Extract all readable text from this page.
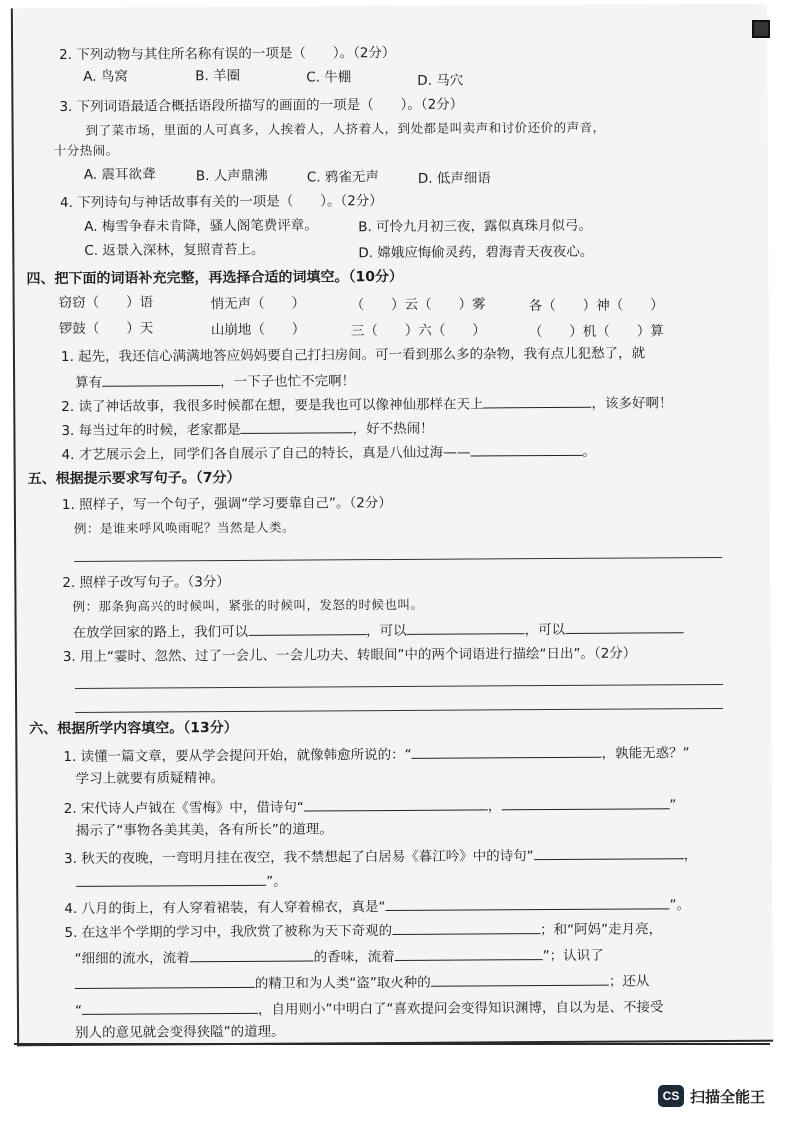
2. 下列动物与其住所名称有误的一项是（　　）。（2分）
A. 鸟窝	B. 羊圈	C. 牛棚	D. 马穴
3. 下列词语最适合概括语段所描写的画面的一项是（　　）。（2分）
到了菜市场，里面的人可真多，人挨着人，人挤着人，到处都是叫卖声和讨价还价的声音，
十分热闹。
A. 震耳欲聋	B. 人声鼎沸	C. 鸦雀无声	D. 低声细语
4. 下列诗句与神话故事有关的一项是（　　）。（2分）
A. 梅雪争春未肯降，骚人阁笔费评章。	B. 可怜九月初三夜，露似真珠月似弓。
C. 返景入深林，复照青苔上。	D. 嫦娥应悔偷灵药，碧海青天夜夜心。
四、把下面的词语补充完整，再选择合适的词填空。（10分）
窃窃（　　）语	悄无声（　　）	（　　）云（　　）雾	各（　　）神（　　）
锣鼓（　　）天	山崩地（　　）	三（　　）六（　　）	（　　）机（　　）算
1. 起先，我还信心满满地答应妈妈要自己打扫房间。可一看到那么多的杂物，我有点儿犯愁了，就
算有	，一下子也忙不完啊！
2. 读了神话故事，我很多时候都在想，要是我也可以像神仙那样在天上	，该多好啊！
3. 每当过年的时候，老家都是	，好不热闹！
4. 才艺展示会上，同学们各自展示了自己的特长，真是八仙过海——	。
五、根据提示要求写句子。（7分）
1. 照样子，写一个句子，强调“学习要靠自己”。（2分）
例：是谁来呼风唤雨呢？当然是人类。
2. 照样子改写句子。（3分）
例：那条狗高兴的时候叫，紧张的时候叫，发怒的时候也叫。
在放学回家的路上，我们可以	，可以	，可以
3. 用上“霎时、忽然、过了一会儿、一会儿功夫、转眼间”中的两个词语进行描绘“日出”。（2分）
六、根据所学内容填空。（13分）
1. 读懂一篇文章，要从学会提问开始，就像韩愈所说的：“	，孰能无惑？”
学习上就要有质疑精神。
2. 宋代诗人卢钺在《雪梅》中，借诗句“	，	”
揭示了“事物各美其美，各有所长”的道理。
3. 秋天的夜晚，一弯明月挂在夜空，我不禁想起了白居易《暮江吟》中的诗句“	，
”。
4. 八月的街上，有人穿着裙装，有人穿着棉衣，真是“	”。
5. 在这半个学期的学习中，我欣赏了被称为天下奇观的	；和“阿妈”走月亮，
“细细的流水，流着	的香味，流着	”；认识了
的精卫和为人类“盗”取火种的	；还从
“	，自用则小”中明白了“喜欢提问会变得知识渊博，自以为是、不接受
别人的意见就会变得狭隘”的道理。
CS 扫描全能王
